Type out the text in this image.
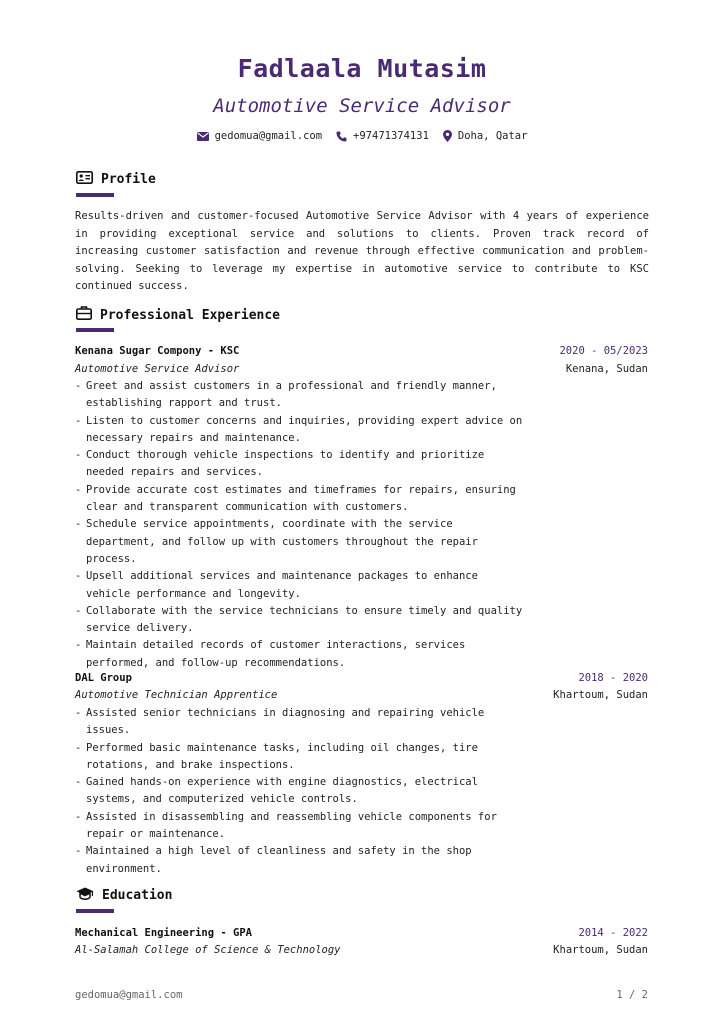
Fadlaala Mutasim
Automotive Service Advisor
gedomua@gmail.com	+97471374131	Doha, Qatar
Profile
Results-driven and customer-focused Automotive Service Advisor with 4 years of experience in providing exceptional service and solutions to clients. Proven track record of increasing customer satisfaction and revenue through effective communication and problem-solving. Seeking to leverage my expertise in automotive service to contribute to KSC continued success.
Professional Experience
Kenana Sugar Compony - KSC	2020 - 05/2023
Automotive Service Advisor	Kenana, Sudan
- Greet and assist customers in a professional and friendly manner, establishing rapport and trust.
- Listen to customer concerns and inquiries, providing expert advice on necessary repairs and maintenance.
- Conduct thorough vehicle inspections to identify and prioritize needed repairs and services.
- Provide accurate cost estimates and timeframes for repairs, ensuring clear and transparent communication with customers.
- Schedule service appointments, coordinate with the service department, and follow up with customers throughout the repair process.
- Upsell additional services and maintenance packages to enhance vehicle performance and longevity.
- Collaborate with the service technicians to ensure timely and quality service delivery.
- Maintain detailed records of customer interactions, services performed, and follow-up recommendations.
DAL Group	2018 - 2020
Automotive Technician Apprentice	Khartoum, Sudan
- Assisted senior technicians in diagnosing and repairing vehicle issues.
- Performed basic maintenance tasks, including oil changes, tire rotations, and brake inspections.
- Gained hands-on experience with engine diagnostics, electrical systems, and computerized vehicle controls.
- Assisted in disassembling and reassembling vehicle components for repair or maintenance.
- Maintained a high level of cleanliness and safety in the shop environment.
Education
Mechanical Engineering - GPA	2014 - 2022
Al-Salamah College of Science & Technology	Khartoum, Sudan
gedomua@gmail.com	1 / 2
